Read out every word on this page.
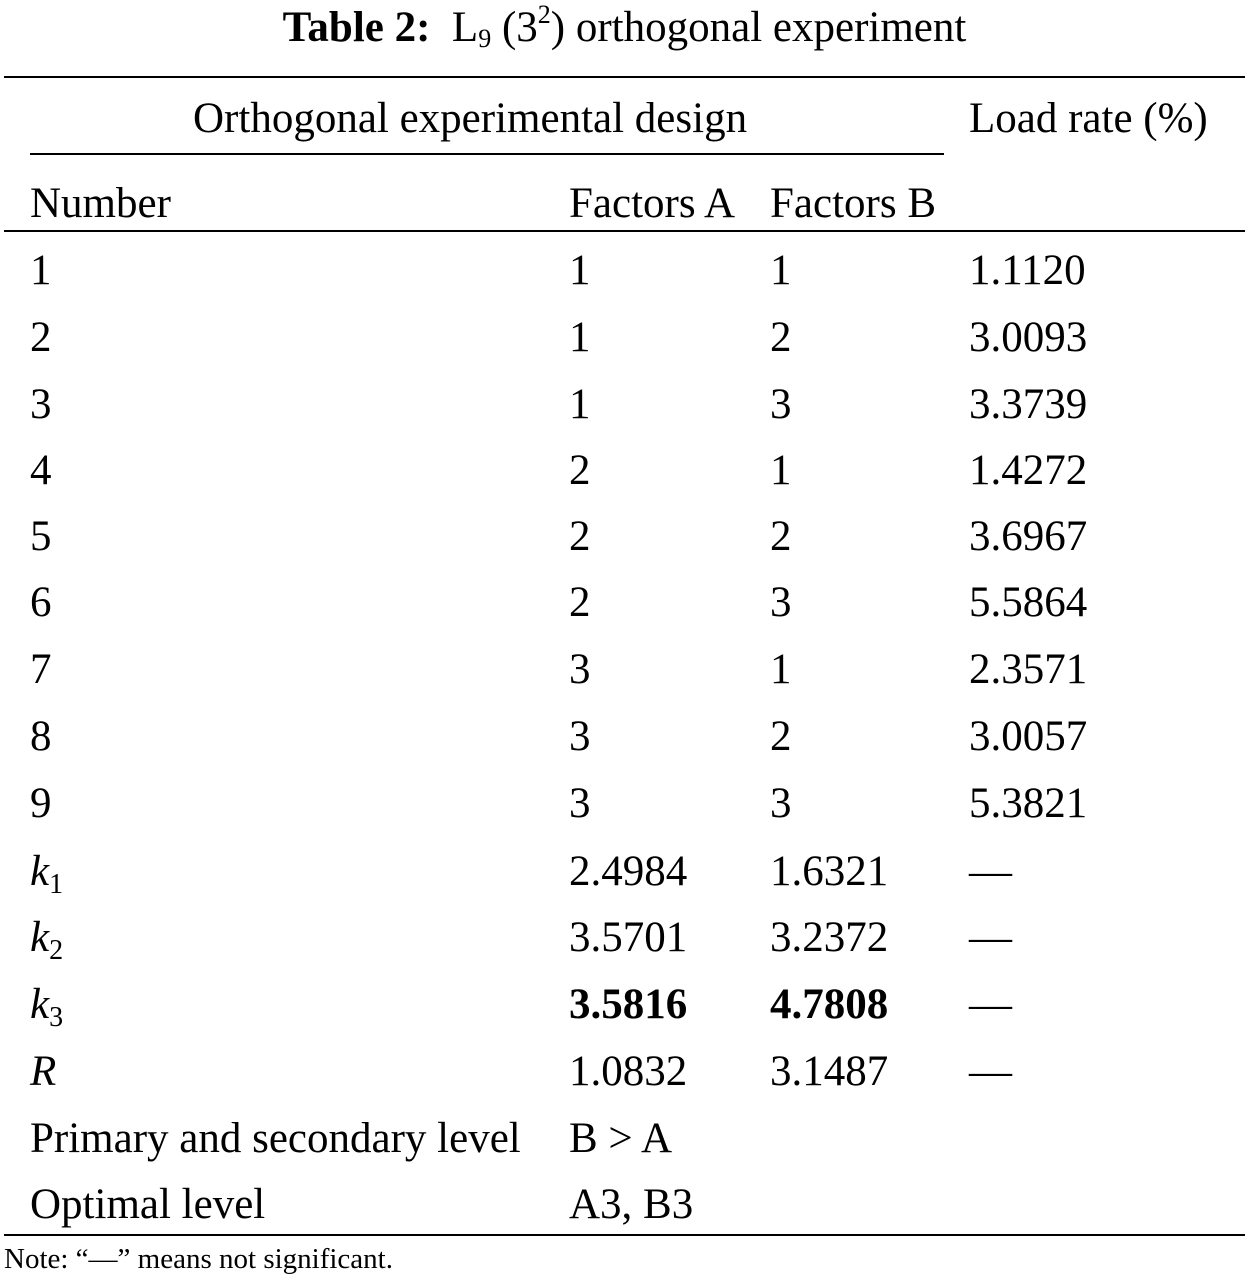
Table 2: $L_9$ $(3^2)$ orthogonal experiment
Orthogonal experimental design	Load rate (%)
Number	Factors A Factors B
1	1	1	1.1120
2	1	2	3.0093
3	1	3	3.3739
4	2	1	1.4272
5	2	2	3.6967
6	2	3	5.5864
7	3	1	2.3571
8	3	2	3.0057
9	3	3	5.3821
$k_1$	2.4984 1.6321 —
$k_2$	3.5701 3.2372 —
$k_3$	3.5816 4.7808 —
R	1.0832 3.1487 —
Primary and secondary level B > A
Optimal level	A3, B3
Note: “—” means not significant.
